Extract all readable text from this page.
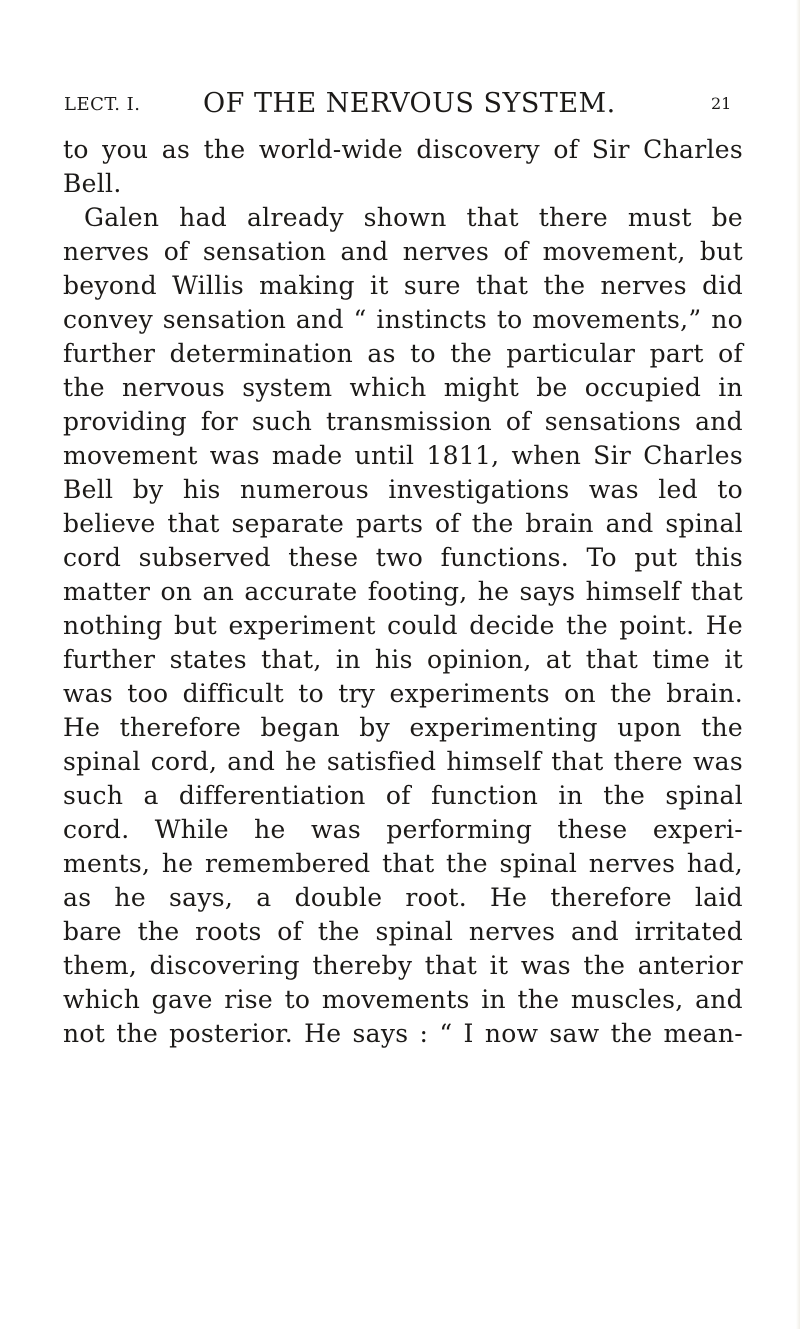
LECT. I. OF THE NERVOUS SYSTEM.	21
to you as the world-wide discovery of Sir Charles
Bell.
Galen had already shown that there must be
nerves of sensation and nerves of movement, but
beyond Willis making it sure that the nerves did
convey sensation and “ instincts to movements,” no
further determination as to the particular part of
the nervous system which might be occupied in
providing for such transmission of sensations and
movement was made until 1811, when Sir Charles
Bell by his numerous investigations was led to
believe that separate parts of the brain and spinal
cord subserved these two functions. To put this
matter on an accurate footing, he says himself that
nothing but experiment could decide the point. He
further states that, in his opinion, at that time it
was too difficult to try experiments on the brain.
He therefore began by experimenting upon the
spinal cord, and he satisfied himself that there was
such a differentiation of function in the spinal
cord. While he was performing these experi-
ments, he remembered that the spinal nerves had,
as he says, a double root. He therefore laid
bare the roots of the spinal nerves and irritated
them, discovering thereby that it was the anterior
which gave rise to movements in the muscles, and
not the posterior. He says : “ I now saw the mean-
